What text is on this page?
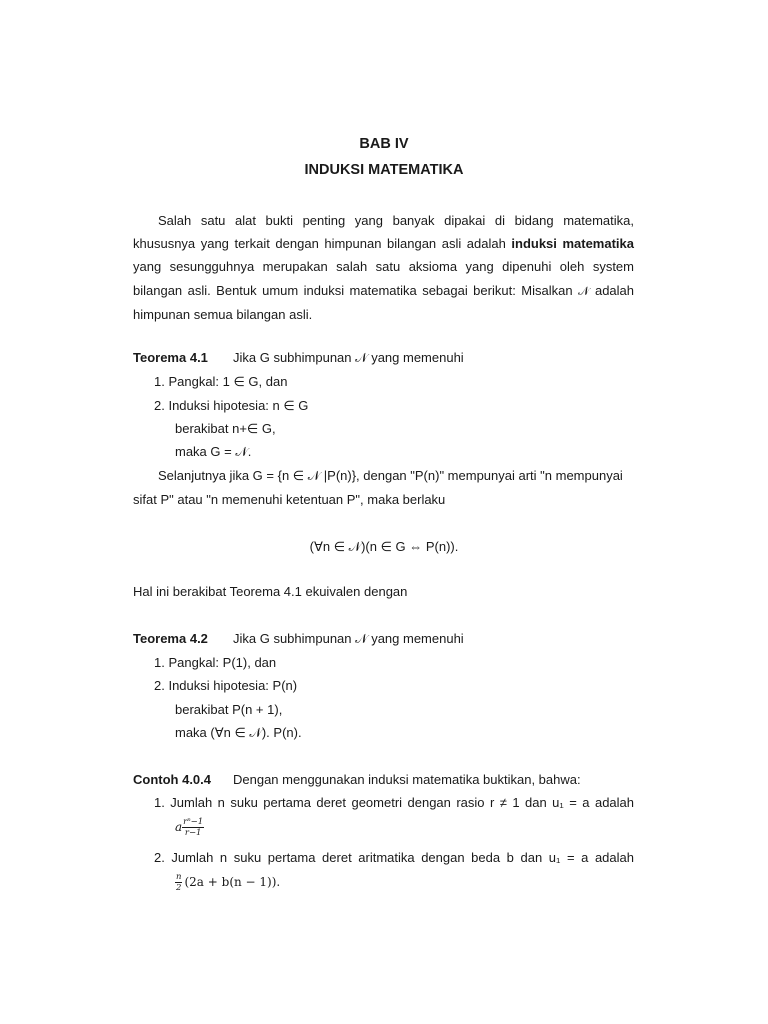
BAB IV
INDUKSI MATEMATIKA

Salah satu alat bukti penting yang banyak dipakai di bidang matematika, khususnya yang terkait dengan himpunan bilangan asli adalah induksi matematika yang sesungguhnya merupakan salah satu aksioma yang dipenuhi oleh system bilangan asli. Bentuk umum induksi matematika sebagai berikut: Misalkan 𝒩 adalah himpunan semua bilangan asli.

Teorema 4.1 Jika G subhimpunan 𝒩 yang memenuhi

1. Pangkal: 1 ∈ G, dan

2. Induksi hipotesia: n ∈ G

berakibat n+∈ G,

maka G = 𝒩.

Selanjutnya jika G = {n ∈ 𝒩 |P(n)}, dengan "P(n)" mempunyai arti "n mempunyai

sifat P" atau "n memenuhi ketentuan P", maka berlaku

(∀n ∈ 𝒩)(n ∈ G ⇔ P(n)).

Hal ini berakibat Teorema 4.1 ekuivalen dengan

Teorema 4.2 Jika G subhimpunan 𝒩 yang memenuhi

1. Pangkal: P(1), dan

2. Induksi hipotesia: P(n)

berakibat P(n + 1),

maka (∀n ∈ 𝒩). P(n).

Contoh 4.0.4 Dengan menggunakan induksi matematika buktikan, bahwa:

1. Jumlah n suku pertama deret geometri dengan rasio r ≠ 1 dan u₁ = a adalah

a $\frac{\text{rⁿ−1}}{r-1}$

2. Jumlah n suku pertama deret aritmatika dengan beda b dan u₁ = a adalah

$\frac{n}{2} (2a + b(n - 1))$.
